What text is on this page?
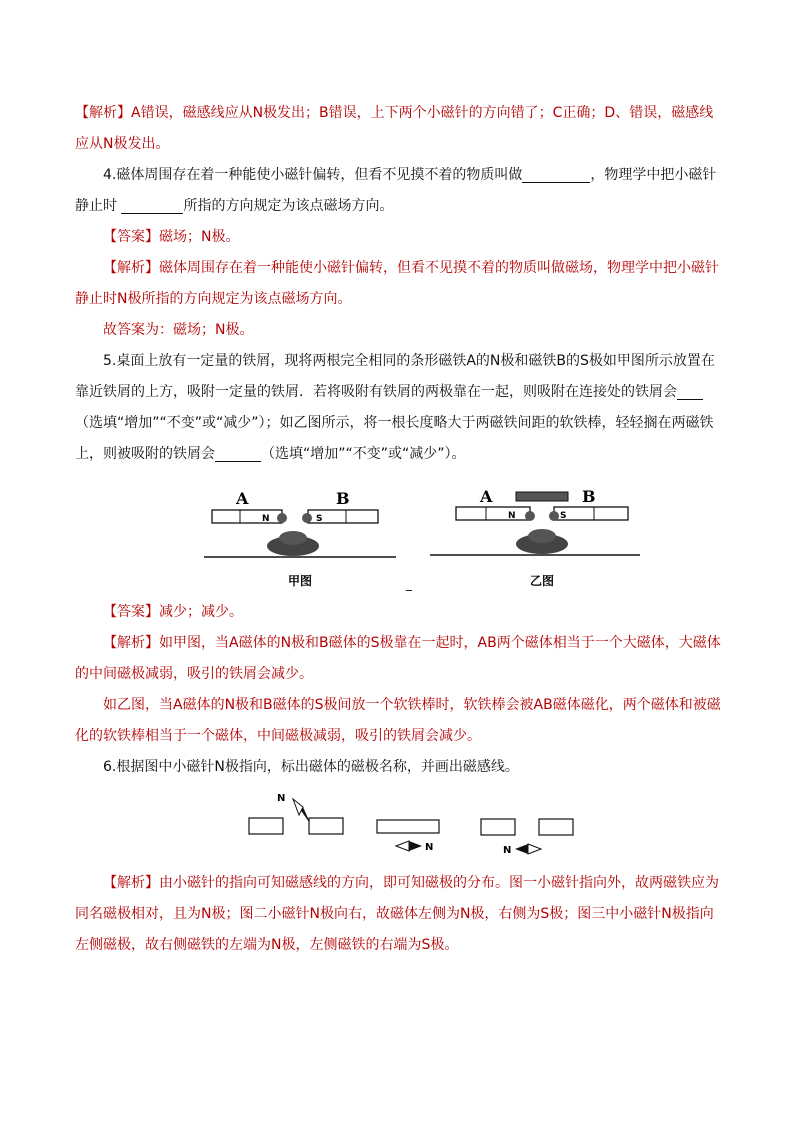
【解析】A错误，磁感线应从N极发出；B错误，上下两个小磁针的方向错了；C正确；D、错误，磁感线应从N极发出。

4.磁体周围存在着一种能使小磁针偏转，但看不见摸不着的物质叫做	，物理学中把小磁针静止时	所指的方向规定为该点磁场方向。

【答案】磁场；N极。

【解析】磁体周围存在着一种能使小磁针偏转，但看不见摸不着的物质叫做磁场，物理学中把小磁针静止时N极所指的方向规定为该点磁场方向。

故答案为：磁场；N极。

5.桌面上放有一定量的铁屑，现将两根完全相同的条形磁铁A的N极和磁铁B的S极如甲图所示放置在靠近铁屑的上方，吸附一定量的铁屑．若将吸附有铁屑的两极靠在一起，则吸附在连接处的铁屑会（选填“增加”“不变”或“减少”）；如乙图所示，将一根长度略大于两磁铁间距的软铁棒，轻轻搁在两磁铁上，则被吸附的铁屑会	（选填“增加”“不变”或“减少”）。

A	B
N	S
甲图	_
A	B
N	S
乙图

【答案】减少；减少。

【解析】如甲图，当A磁体的N极和B磁体的S极靠在一起时，AB两个磁体相当于一个大磁体，大磁体的中间磁极减弱，吸引的铁屑会减少。

如乙图，当A磁体的N极和B磁体的S极间放一个软铁棒时，软铁棒会被AB磁体磁化，两个磁体和被磁化的软铁棒相当于一个磁体，中间磁极减弱，吸引的铁屑会减少。

6.根据图中小磁针N极指向，标出磁体的磁极名称，并画出磁感线。

N
N	N

【解析】由小磁针的指向可知磁感线的方向，即可知磁极的分布。图一小磁针指向外，故两磁铁应为同名磁极相对，且为N极；图二小磁针N极向右，故磁体左侧为N极，右侧为S极；图三中小磁针N极指向左侧磁极，故右侧磁铁的左端为N极，左侧磁铁的右端为S极。
